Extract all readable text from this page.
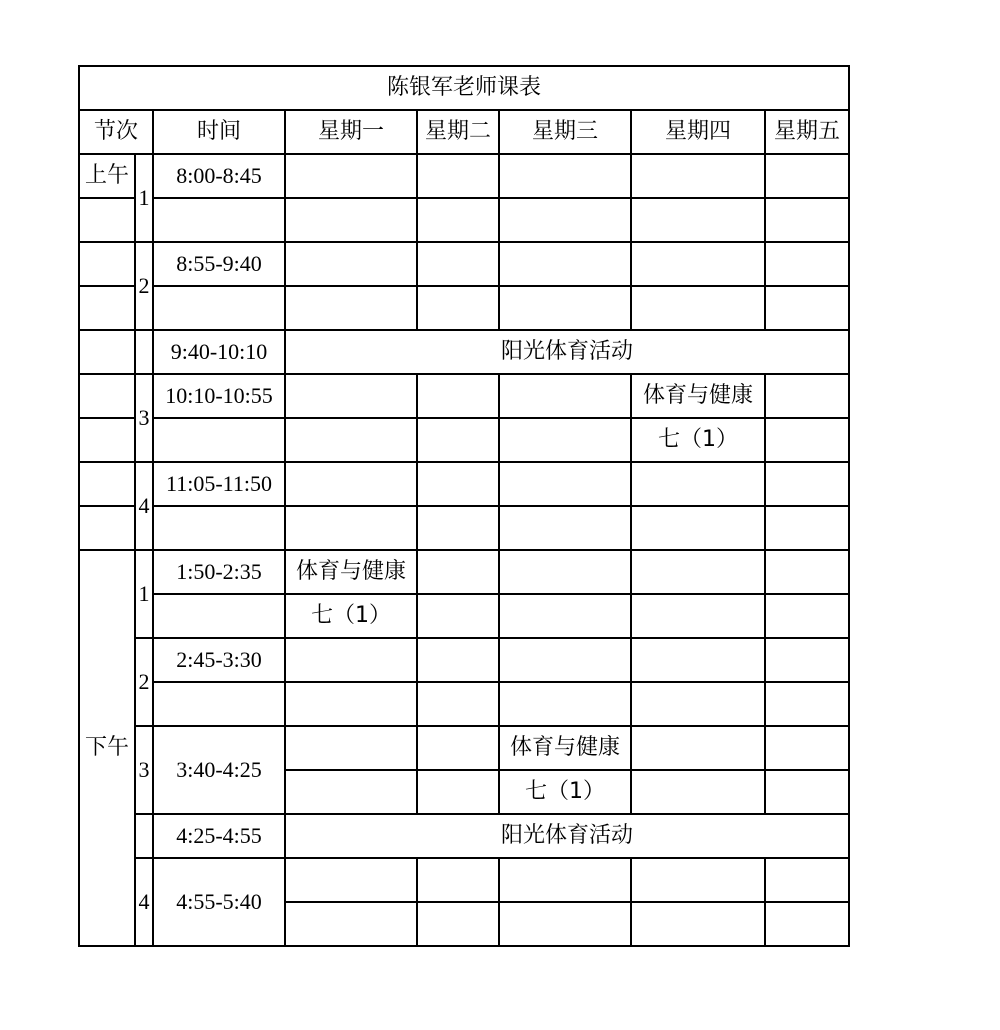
陈银军老师课表							
节次		时间	星期一	星期二	星期三	星期四	星期五
上午	1	8:00-8:45					

	2	8:55-9:40					

		9:40-10:10	阳光体育活动				
	3	10:10-10:55				体育与健康	
						七（1）	
	4	11:05-11:50					

下午	1	1:50-2:35	体育与健康				
			七（1）				
	2	2:45-3:30					

	3	3:40-4:25			体育与健康		
					七（1）		
		4:25-4:55	阳光体育活动				
	4	4:55-5:40					
